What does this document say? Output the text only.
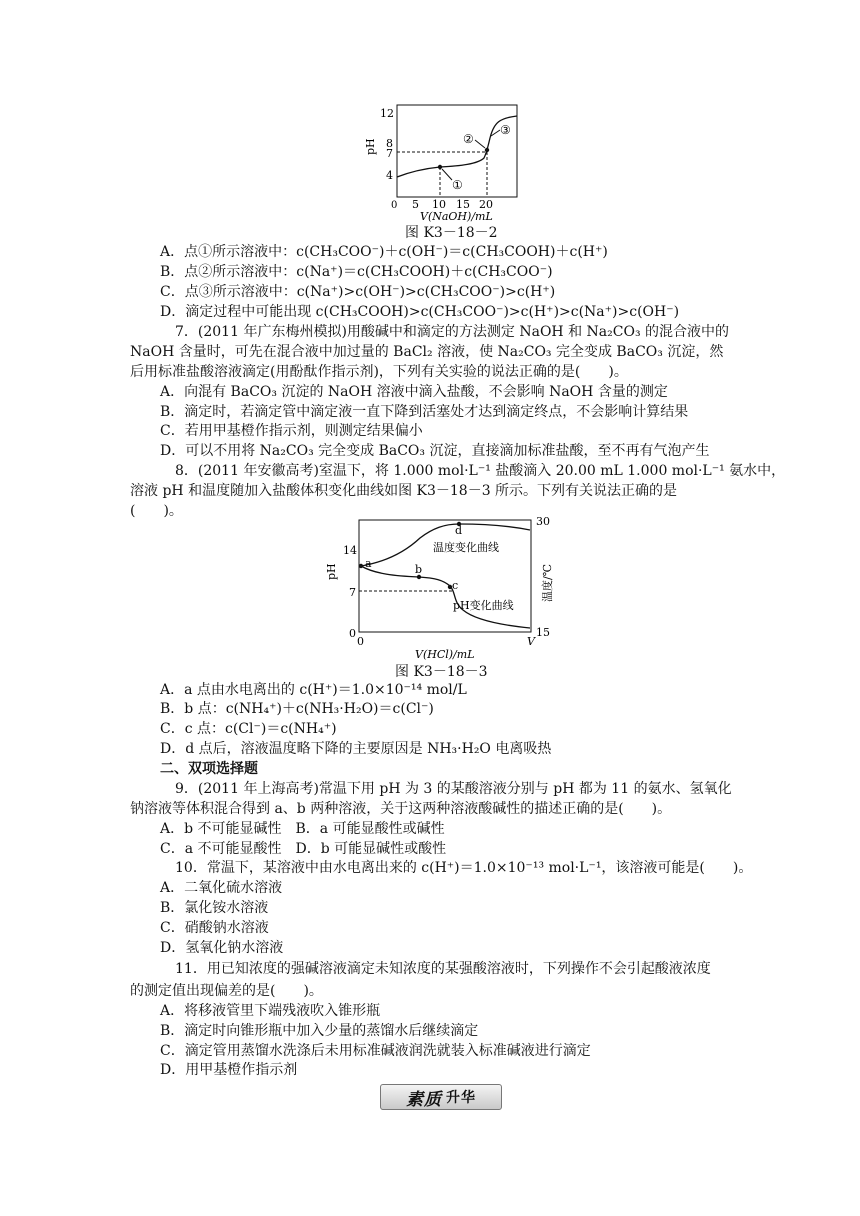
pH
12
8
7
4
0 5 10 15 20
V(NaOH)/mL
①
②
③
图 K3－18－2
A．点①所示溶液中：c(CH₃COO⁻)＋c(OH⁻)＝c(CH₃COOH)＋c(H⁺)
B．点②所示溶液中：c(Na⁺)＝c(CH₃COOH)＋c(CH₃COO⁻)
C．点③所示溶液中：c(Na⁺)>c(OH⁻)>c(CH₃COO⁻)>c(H⁺)
D．滴定过程中可能出现 c(CH₃COOH)>c(CH₃COO⁻)>c(H⁺)>c(Na⁺)>c(OH⁻)
7．(2011 年广东梅州模拟)用酸碱中和滴定的方法测定 NaOH 和 Na₂CO₃ 的混合液中的
NaOH 含量时，可先在混合液中加过量的 BaCl₂ 溶液，使 Na₂CO₃ 完全变成 BaCO₃ 沉淀，然
后用标准盐酸溶液滴定(用酚酞作指示剂)，下列有关实验的说法正确的是(　　)。
A．向混有 BaCO₃ 沉淀的 NaOH 溶液中滴入盐酸，不会影响 NaOH 含量的测定
B．滴定时，若滴定管中滴定液一直下降到活塞处才达到滴定终点，不会影响计算结果
C．若用甲基橙作指示剂，则测定结果偏小
D．可以不用将 Na₂CO₃ 完全变成 BaCO₃ 沉淀，直接滴加标准盐酸，至不再有气泡产生
8．(2011 年安徽高考)室温下，将 1.000 mol·L⁻¹ 盐酸滴入 20.00 mL 1.000 mol·L⁻¹ 氨水中，
溶液 pH 和温度随加入盐酸体积变化曲线如图 K3－18－3 所示。下列有关说法正确的是
(　　)。
pH	温度/℃
14
7
0
30
15
0	V
V(HCl)/mL
a	b
c
d
温度变化曲线
pH变化曲线
图 K3－18－3
A．a 点由水电离出的 c(H⁺)＝1.0×10⁻¹⁴ mol/L
B．b 点：c(NH₄⁺)＋c(NH₃·H₂O)＝c(Cl⁻)
C．c 点：c(Cl⁻)＝c(NH₄⁺)
D．d 点后，溶液温度略下降的主要原因是 NH₃·H₂O 电离吸热
二、双项选择题
9．(2011 年上海高考)常温下用 pH 为 3 的某酸溶液分别与 pH 都为 11 的氨水、氢氧化
钠溶液等体积混合得到 a、b 两种溶液，关于这两种溶液酸碱性的描述正确的是(　　)。
A．b 不可能显碱性　B．a 可能显酸性或碱性
C．a 不可能显酸性　D．b 可能显碱性或酸性
10．常温下，某溶液中由水电离出来的 c(H⁺)＝1.0×10⁻¹³ mol·L⁻¹，该溶液可能是(　　)。
A．二氧化硫水溶液
B．氯化铵水溶液
C．硝酸钠水溶液
D．氢氧化钠水溶液
11．用已知浓度的强碱溶液滴定未知浓度的某强酸溶液时，下列操作不会引起酸液浓度
的测定值出现偏差的是(　　)。
A．将移液管里下端残液吹入锥形瓶
B．滴定时向锥形瓶中加入少量的蒸馏水后继续滴定
C．滴定管用蒸馏水洗涤后未用标准碱液润洗就装入标准碱液进行滴定
D．用甲基橙作指示剂
素质 升华
